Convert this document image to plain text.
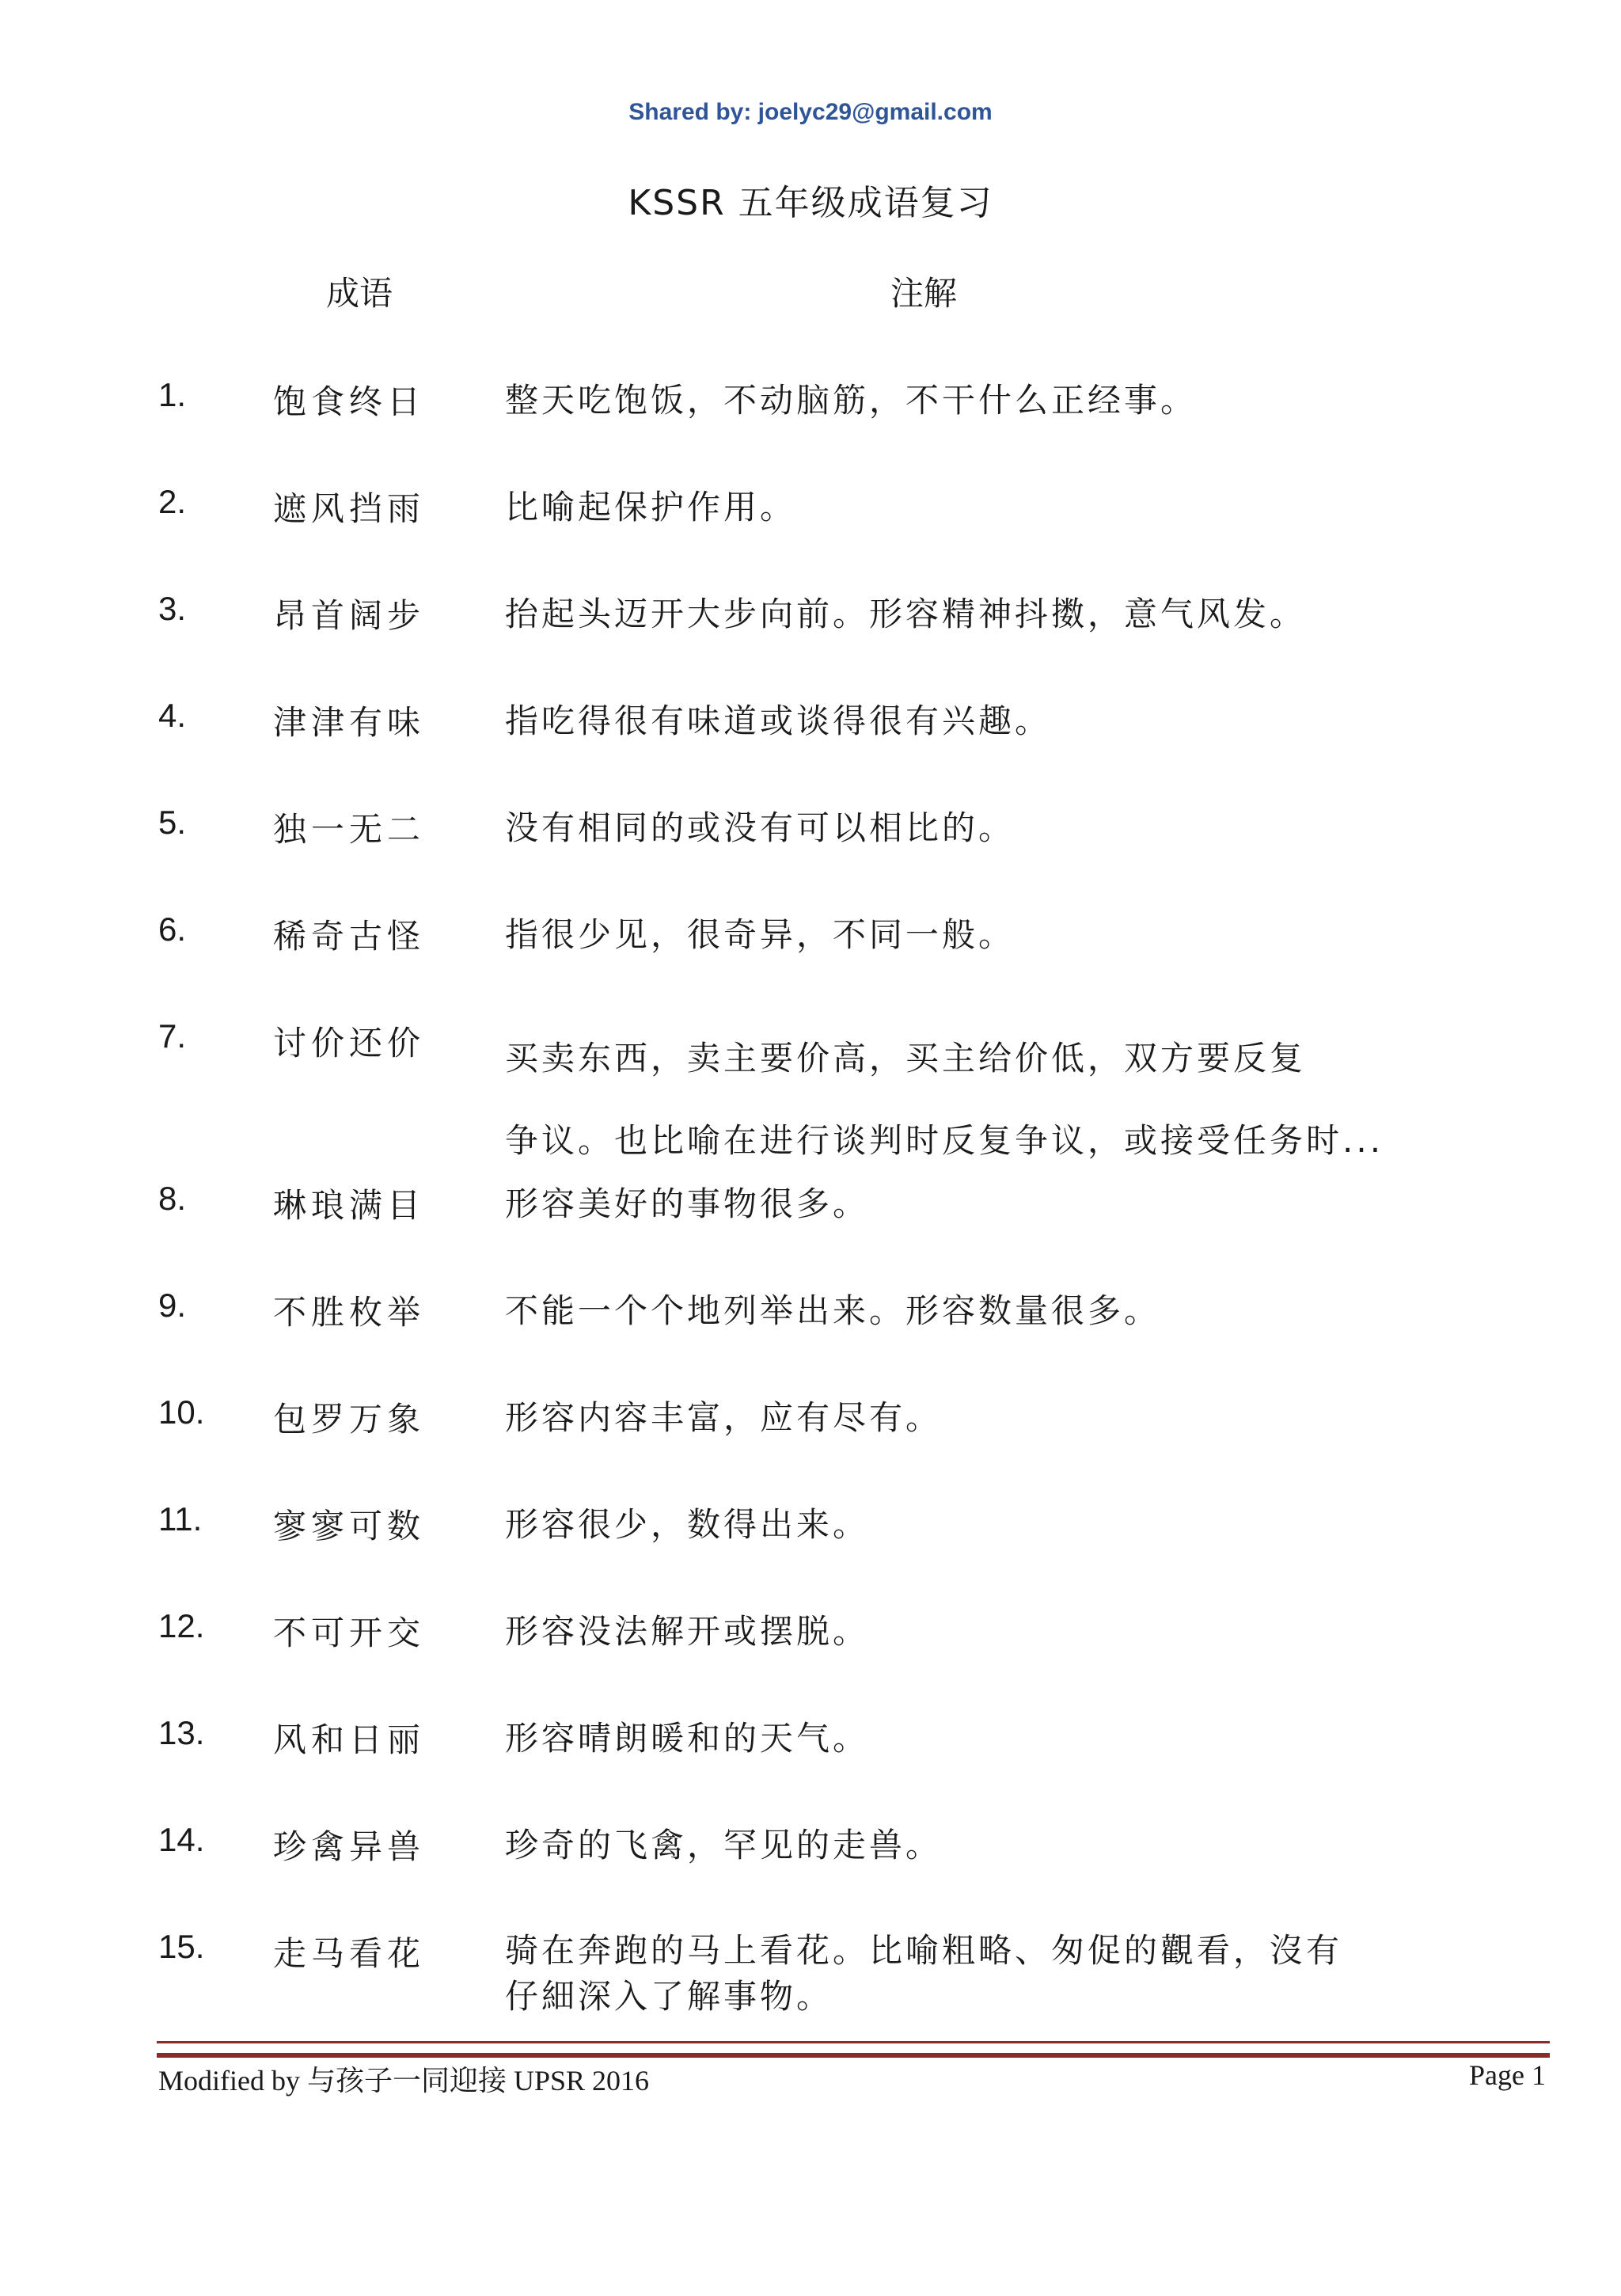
Shared by: joelyc29@gmail.com
KSSR 五年级成语复习
成语	注解
1.	饱食终日 整天吃饱饭，不动脑筋，不干什么正经事。
2.	遮风挡雨 比喻起保护作用。
3.	昂首阔步 抬起头迈开大步向前。形容精神抖擞，意气风发。
4.	津津有味 指吃得很有味道或谈得很有兴趣。
5.	独一无二 没有相同的或没有可以相比的。
6.	稀奇古怪 指很少见，很奇异，不同一般。
7.	讨价还价 买卖东西，卖主要价高，买主给价低，双方要反复
争议。也比喻在进行谈判时反复争议，或接受任务时...
8.	琳琅满目 形容美好的事物很多。
9.	不胜枚举 不能一个个地列举出来。形容数量很多。
10. 包罗万象 形容内容丰富，应有尽有。
11. 寥寥可数 形容很少，数得出来。
12. 不可开交 形容没法解开或摆脱。
13. 风和日丽 形容晴朗暖和的天气。
14. 珍禽异兽 珍奇的飞禽，罕见的走兽。
15. 走马看花 骑在奔跑的马上看花。比喻粗略、匆促的觀看，沒有
仔細深入了解事物。
Modified by 与孩子一同迎接 UPSR 2016	Page 1
